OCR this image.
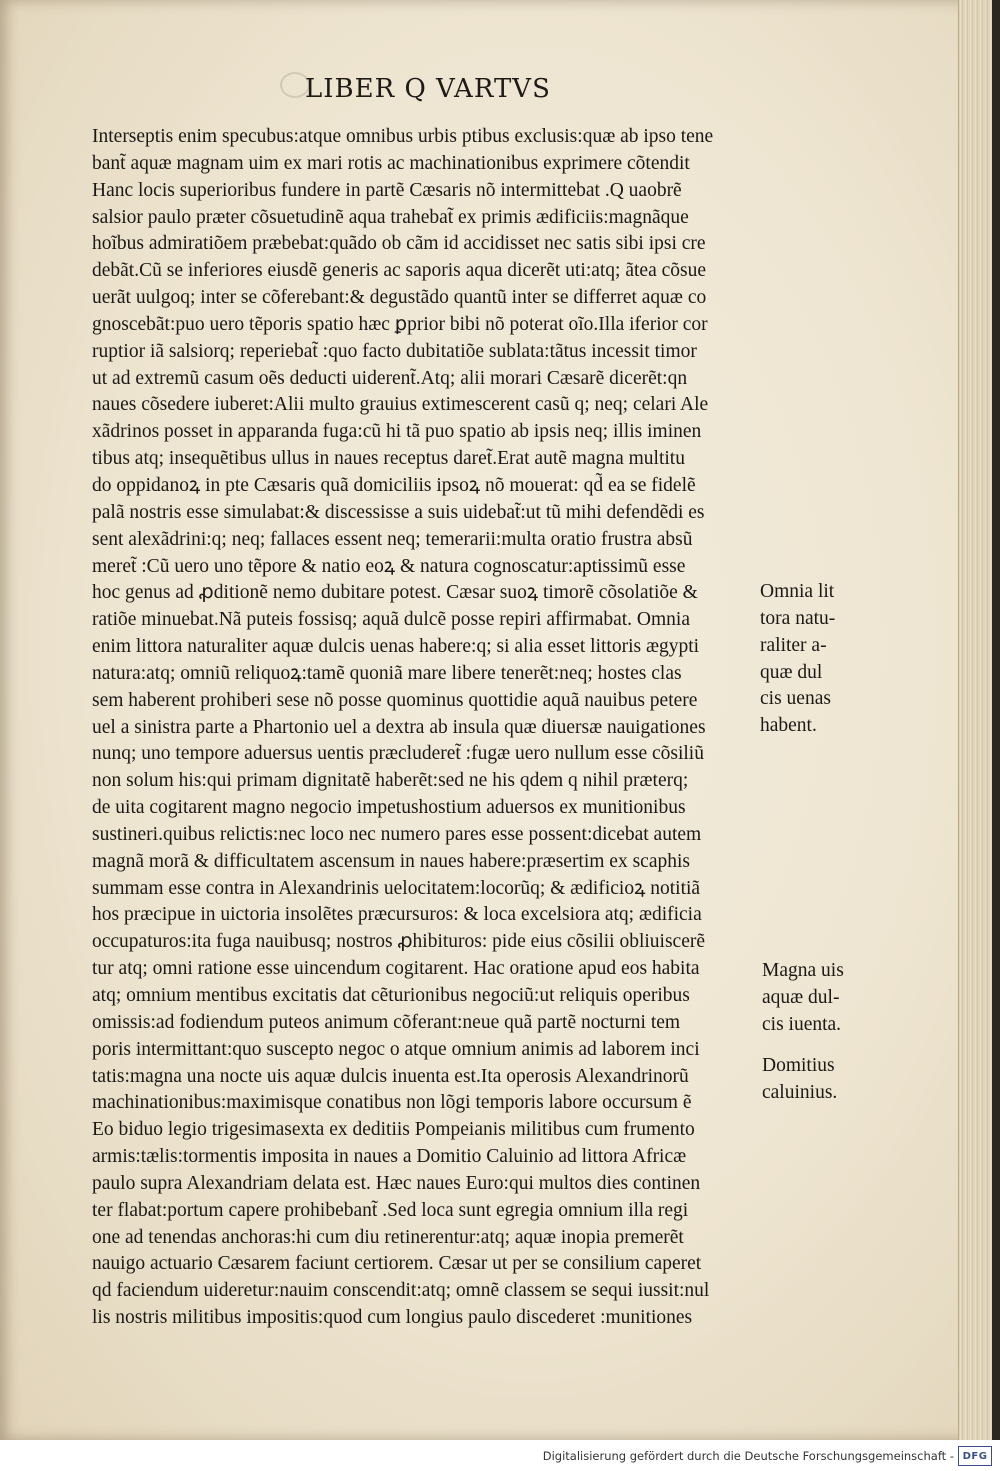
LIBER Q VARTVS
Interseptis enim specubus:atque omnibus urbis ptibus exclusis:quæ ab ipso tene
bant̃ aquæ magnam uim ex mari rotis ac machinationibus exprimere cõtendit
Hanc locis superioribus fundere in partẽ Cæsaris nõ intermittebat .Q uaobrẽ
salsior paulo præter cõsuetudinẽ aqua trahebat̃ ex primis ædificiis:magnãque
hoĩbus admiratiõem præbebat:quãdo ob cãm id accidisset nec satis sibi ipsi cre
debãt.Cũ se inferiores eiusdẽ generis ac saporis aqua dicerẽt uti:atq; ãtea cõsue
uerãt uulgoq; inter se cõferebant:& degustãdo quantũ inter se differret aquæ co
gnoscebãt:puo uero tẽporis spatio hæc ꝑprior bibi nõ poterat oĩo.Illa iferior cor
ruptior iã salsiorq; reperiebat̃ :quo facto dubitatiõe sublata:tãtus incessit timor
ut ad extremũ casum oẽs deducti uiderent̃.Atq; alii morari Cæsarẽ dicerẽt:qn
naues cõsedere iuberet:Alii multo grauius extimescerent casũ q; neq; celari Ale
xãdrinos posset in apparanda fuga:cũ hi tã puo spatio ab ipsis neq; illis iminen
tibus atq; insequẽtibus ullus in naues receptus daret̃.Erat autẽ magna multitu
do oppidanoꝝ in pte Cæsaris quã domiciliis ipsoꝝ nõ mouerat: qd̃ ea se fidelẽ
palã nostris esse simulabat:& discessisse a suis uidebat̃:ut tũ mihi defendẽdi es
sent alexãdrini:q; neq; fallaces essent neq; temerarii:multa oratio frustra absũ
meret̃ :Cũ uero uno tẽpore & natio eoꝝ & natura cognoscatur:aptissimũ esse
hoc genus ad ꝓditionẽ nemo dubitare potest. Cæsar suoꝝ timorẽ cõsolatiõe &
ratiõe minuebat.Nã puteis fossisq; aquã dulcẽ posse repiri affirmabat. Omnia
enim littora naturaliter aquæ dulcis uenas habere:q; si alia esset littoris ægypti
natura:atq; omniũ reliquoꝝ:tamẽ quoniã mare libere tenerẽt:neq; hostes clas
sem haberent prohiberi sese nõ posse quominus quottidie aquã nauibus petere
uel a sinistra parte a Phartonio uel a dextra ab insula quæ diuersæ nauigationes
nunq; uno tempore aduersus uentis præcluderet̃ :fugæ uero nullum esse cõsiliũ
non solum his:qui primam dignitatẽ haberẽt:sed ne his qdem q nihil præterq;
de uita cogitarent magno negocio impetushostium aduersos ex munitionibus
sustineri.quibus relictis:nec loco nec numero pares esse possent:dicebat autem
magnã morã & difficultatem ascensum in naues habere:præsertim ex scaphis
summam esse contra in Alexandrinis uelocitatem:locorũq; & ædificioꝝ notitiã
hos præcipue in uictoria insolẽtes præcursuros: & loca excelsiora atq; ædificia
occupaturos:ita fuga nauibusq; nostros ꝓhibituros: pide eius cõsilii obliuiscerẽ
tur atq; omni ratione esse uincendum cogitarent. Hac oratione apud eos habita
atq; omnium mentibus excitatis dat cẽturionibus negociũ:ut reliquis operibus
omissis:ad fodiendum puteos animum cõferant:neue quã partẽ nocturni tem
poris intermittant:quo suscepto negoc o atque omnium animis ad laborem inci
tatis:magna una nocte uis aquæ dulcis inuenta est.Ita operosis Alexandrinorũ
machinationibus:maximisque conatibus non lõgi temporis labore occursum ẽ
Eo biduo legio trigesimasexta ex deditiis Pompeianis militibus cum frumento
armis:tælis:tormentis imposita in naues a Domitio Caluinio ad littora Africæ
paulo supra Alexandriam delata est. Hæc naues Euro:qui multos dies continen
ter flabat:portum capere prohibebant̃ .Sed loca sunt egregia omnium illa regi
one ad tenendas anchoras:hi cum diu retinerentur:atq; aquæ inopia premerẽt
nauigo actuario Cæsarem faciunt certiorem. Cæsar ut per se consilium caperet
qd faciendum uideretur:nauim conscendit:atq; omnẽ classem se sequi iussit:nul
lis nostris militibus impositis:quod cum longius paulo discederet :munitiones
Omnia lit
tora natu-
raliter a-
quæ dul
cis uenas
habent.
Magna uis
aquæ dul-
cis iuenta.
Domitius
caluinius.
Digitalisierung gefördert durch die Deutsche Forschungsgemeinschaft - DFG
